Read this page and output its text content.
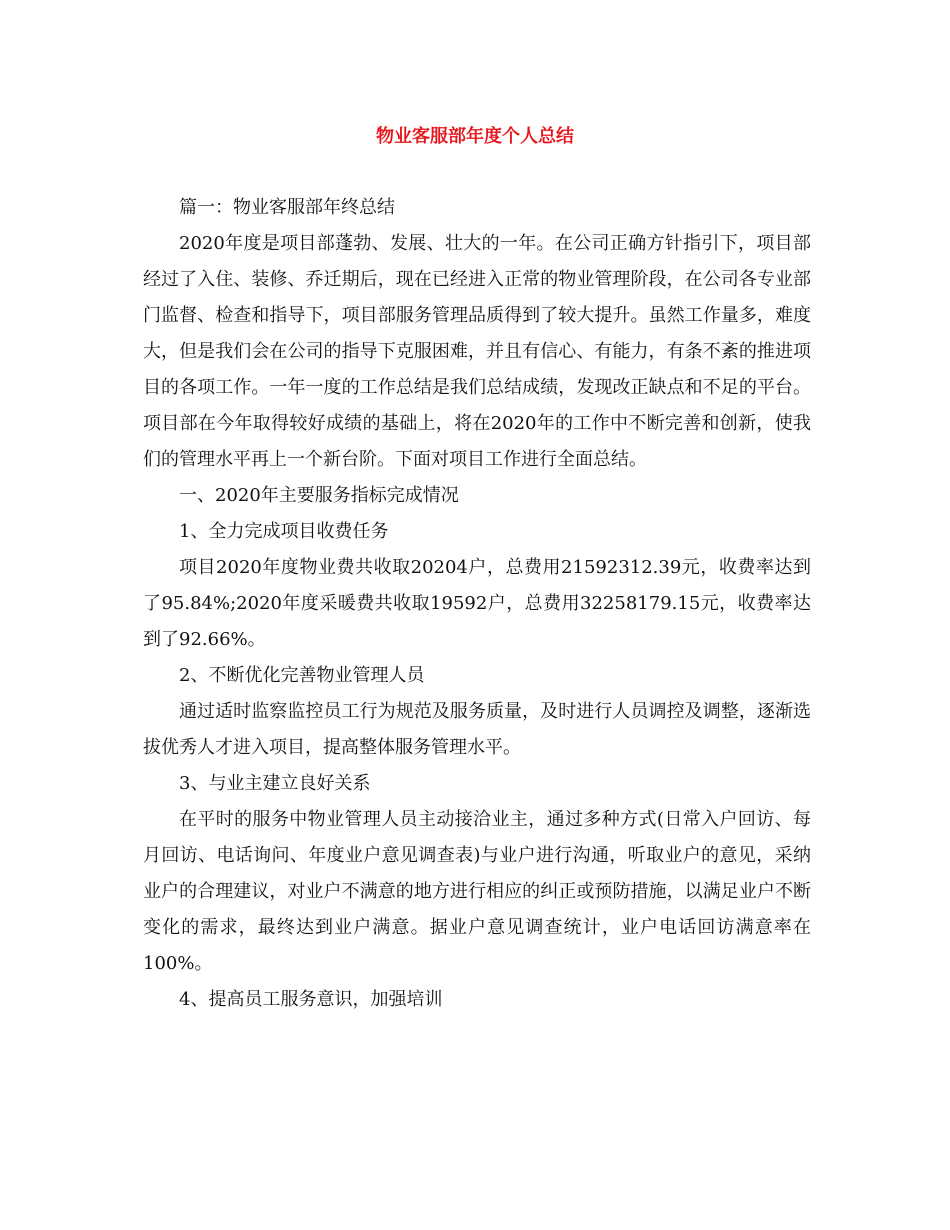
物业客服部年度个人总结

篇一：物业客服部年终总结

2020年度是项目部蓬勃、发展、壮大的一年。在公司正确方针指引下，项目部经过了入住、装修、乔迁期后，现在已经进入正常的物业管理阶段，在公司各专业部门监督、检查和指导下，项目部服务管理品质得到了较大提升。虽然工作量多，难度大，但是我们会在公司的指导下克服困难，并且有信心、有能力，有条不紊的推进项目的各项工作。一年一度的工作总结是我们总结成绩，发现改正缺点和不足的平台。项目部在今年取得较好成绩的基础上，将在2020年的工作中不断完善和创新，使我们的管理水平再上一个新台阶。下面对项目工作进行全面总结。

一、2020年主要服务指标完成情况

1、全力完成项目收费任务

项目2020年度物业费共收取20204户，总费用21592312.39元，收费率达到了95.84%;2020年度采暖费共收取19592户，总费用32258179.15元，收费率达到了92.66%。

2、不断优化完善物业管理人员

通过适时监察监控员工行为规范及服务质量，及时进行人员调控及调整，逐渐选拔优秀人才进入项目，提高整体服务管理水平。

3、与业主建立良好关系

在平时的服务中物业管理人员主动接洽业主，通过多种方式(日常入户回访、每月回访、电话询问、年度业户意见调查表)与业户进行沟通，听取业户的意见，采纳业户的合理建议，对业户不满意的地方进行相应的纠正或预防措施，以满足业户不断变化的需求，最终达到业户满意。据业户意见调查统计，业户电话回访满意率在100%。

4、提高员工服务意识，加强培训
